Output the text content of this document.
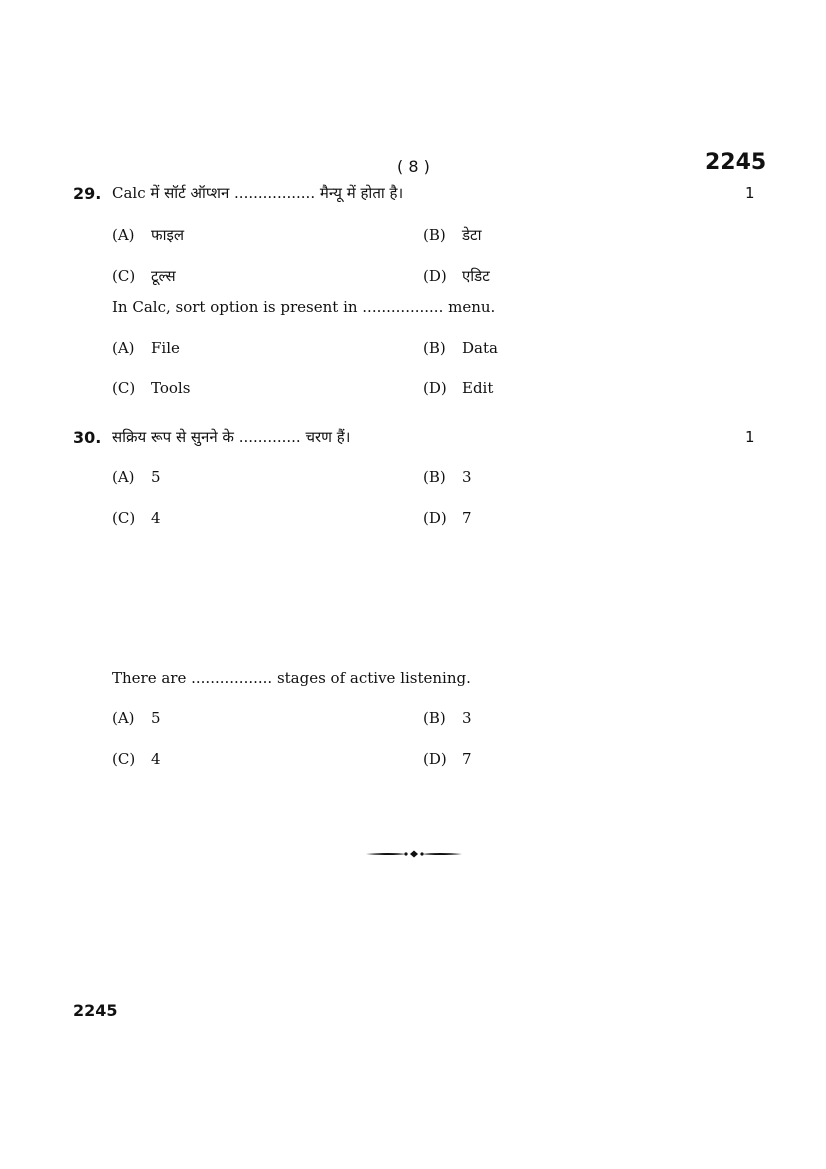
( 8 )	2245
29. Calc में सॉर्ट ऑप्शन ................. मैन्यू में होता है।	1
(A) फाइल	(B) डेटा
(C) टूल्स	(D) एडिट
In Calc, sort option is present in ................. menu.
(A) File	(B) Data
(C) Tools	(D) Edit
30. सक्रिय रूप से सुनने के ............. चरण हैं।	1
(A) 5	(B) 3
(C) 4	(D) 7
There are ................. stages of active listening.
(A) 5	(B) 3
(C) 4	(D) 7
2245
